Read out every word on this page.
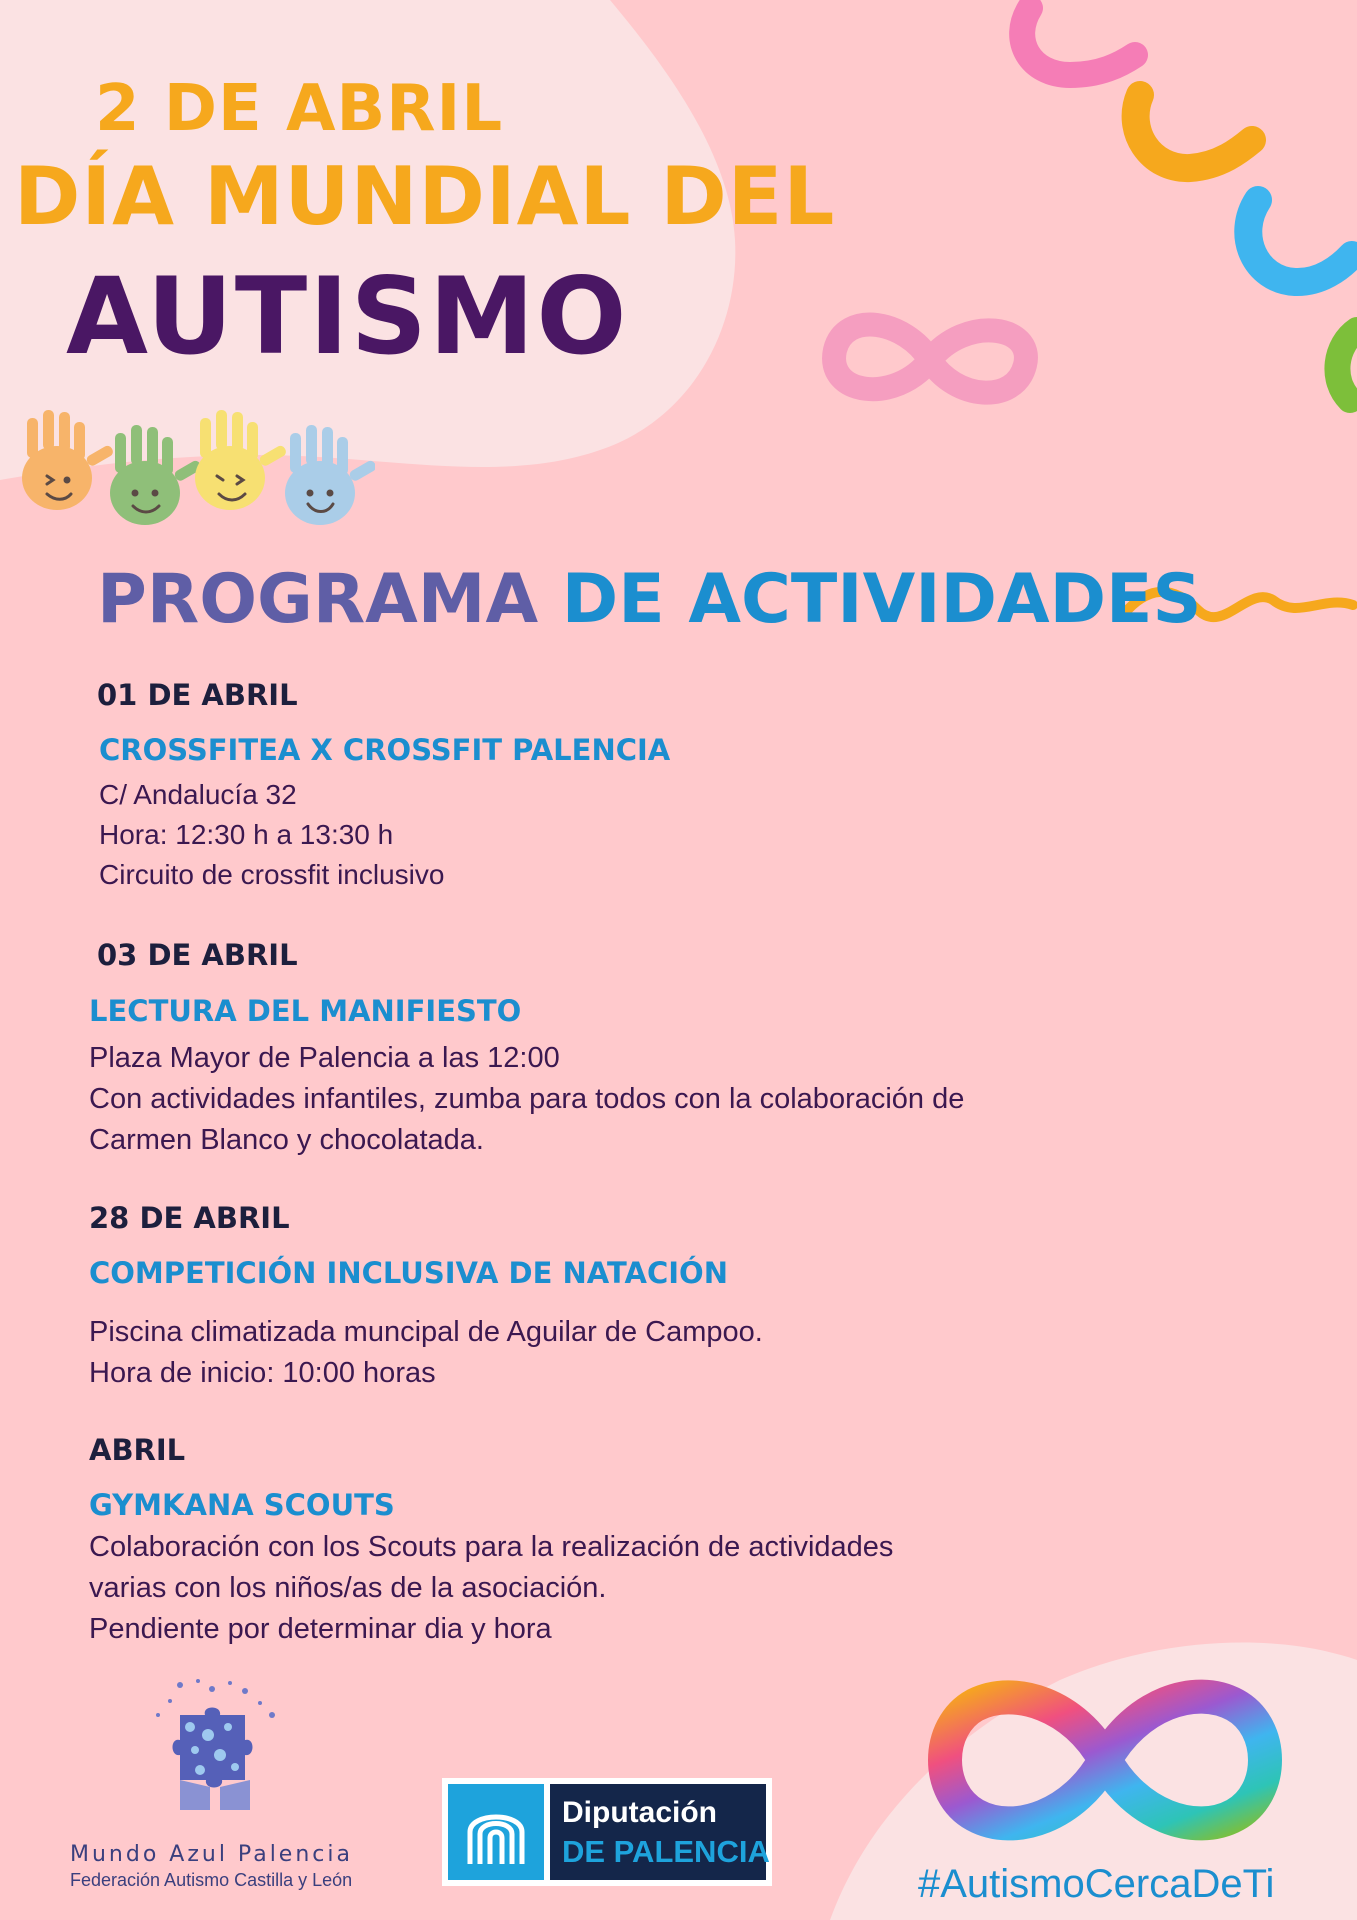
2 DE ABRIL
DÍA MUNDIAL DEL
AUTISMO
PROGRAMA DE ACTIVIDADES

01 DE ABRIL

CROSSFITEA X CROSSFIT PALENCIA

C/ Andalucía 32

Hora: 12:30 h a 13:30 h

Circuito de crossfit inclusivo

03 DE ABRIL

LECTURA DEL MANIFIESTO

Plaza Mayor de Palencia a las 12:00

Con actividades infantiles, zumba para todos con la colaboración de

Carmen Blanco y chocolatada.

28 DE ABRIL

COMPETICIÓN INCLUSIVA DE NATACIÓN

Piscina climatizada muncipal de Aguilar de Campoo.

Hora de inicio: 10:00 horas

ABRIL

GYMKANA SCOUTS

Colaboración con los Scouts para la realización de actividades

varias con los niños/as de la asociación.

Pendiente por determinar dia y hora

Mundo Azul Palencia
Federación Autismo Castilla y León
Diputación
DE PALENCIA
#AutismoCercaDeTi
